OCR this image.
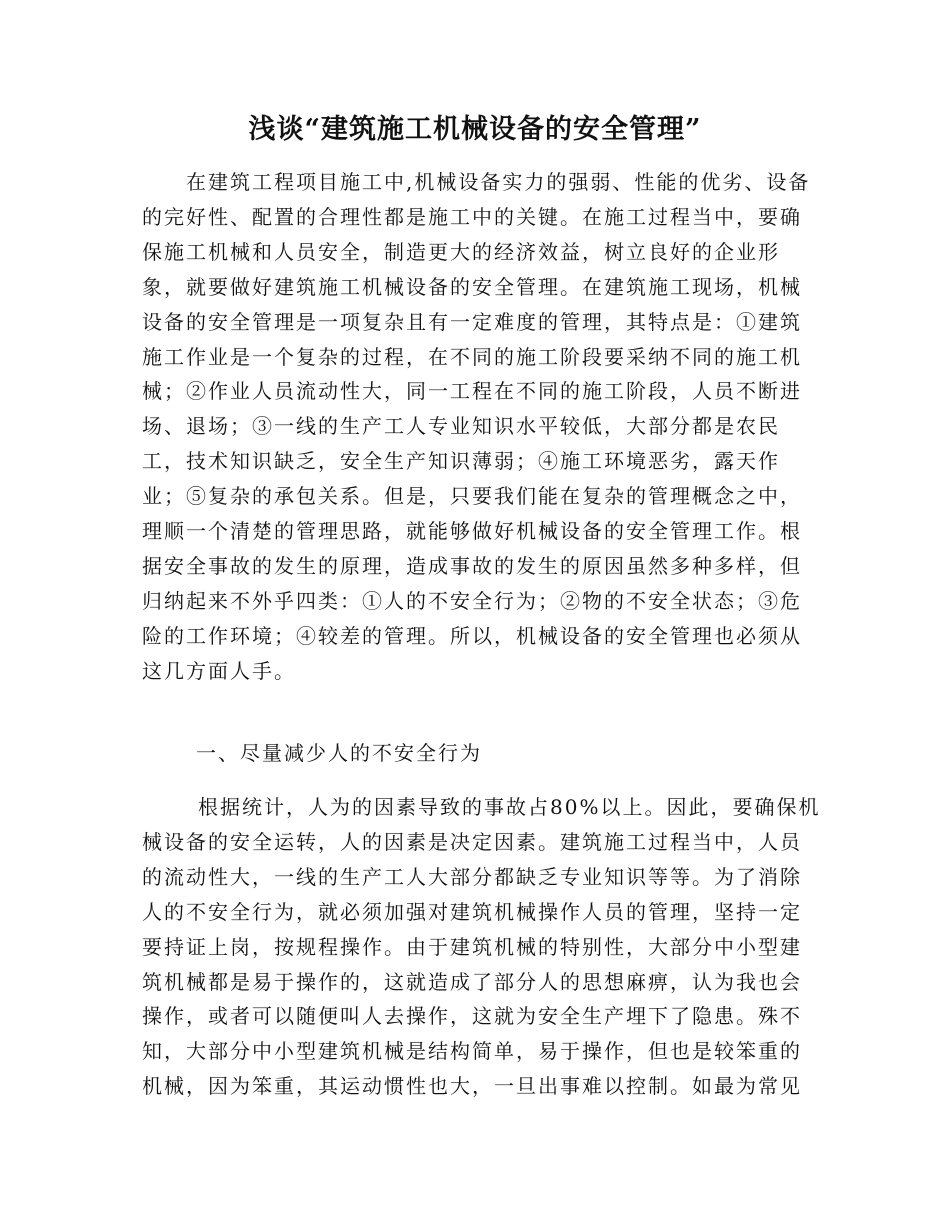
浅谈“建筑施工机械设备的安全管理”
在建筑工程项目施工中,机械设备实力的强弱、性能的优劣、设备
的完好性、配置的合理性都是施工中的关键。在施工过程当中，要确
保施工机械和人员安全，制造更大的经济效益，树立良好的企业形
象，就要做好建筑施工机械设备的安全管理。在建筑施工现场，机械
设备的安全管理是一项复杂且有一定难度的管理，其特点是：①建筑
施工作业是一个复杂的过程，在不同的施工阶段要采纳不同的施工机
械；②作业人员流动性大，同一工程在不同的施工阶段，人员不断进
场、退场；③一线的生产工人专业知识水平较低，大部分都是农民
工，技术知识缺乏，安全生产知识薄弱；④施工环境恶劣，露天作
业；⑤复杂的承包关系。但是，只要我们能在复杂的管理概念之中，
理顺一个清楚的管理思路，就能够做好机械设备的安全管理工作。根
据安全事故的发生的原理，造成事故的发生的原因虽然多种多样，但
归纳起来不外乎四类：①人的不安全行为；②物的不安全状态；③危
险的工作环境；④较差的管理。所以，机械设备的安全管理也必须从
这几方面人手。
一、尽量减少人的不安全行为
根据统计，人为的因素导致的事故占80%以上。因此，要确保机
械设备的安全运转，人的因素是决定因素。建筑施工过程当中，人员
的流动性大，一线的生产工人大部分都缺乏专业知识等等。为了消除
人的不安全行为，就必须加强对建筑机械操作人员的管理，坚持一定
要持证上岗，按规程操作。由于建筑机械的特别性，大部分中小型建
筑机械都是易于操作的，这就造成了部分人的思想麻痹，认为我也会
操作，或者可以随便叫人去操作，这就为安全生产埋下了隐患。殊不
知，大部分中小型建筑机械是结构简单，易于操作，但也是较笨重的
机械，因为笨重，其运动惯性也大，一旦出事难以控制。如最为常见
